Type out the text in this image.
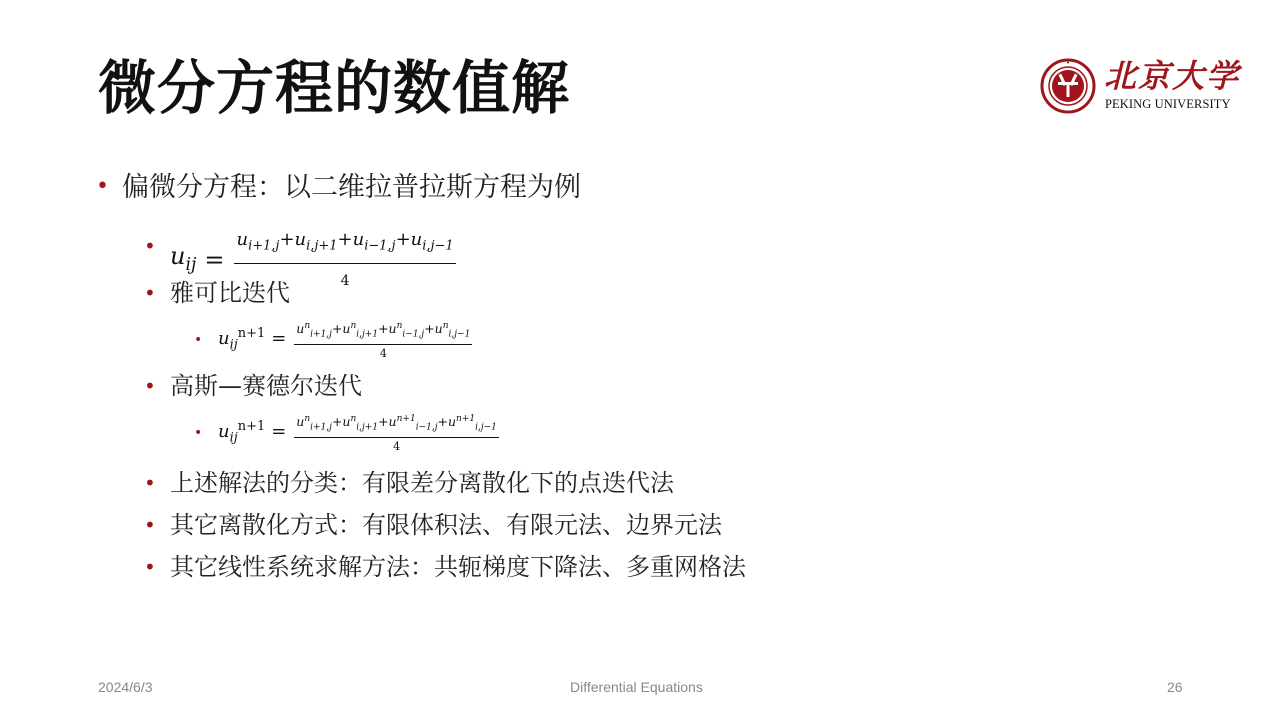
微分方程的数值解	北京大学
PEKING UNIVERSITY
• 偏微分方程：以二维拉普拉斯方程为例
• $u_{ij} = \frac{u_{i+1,j}+u_{i,j+1}+u_{i-1,j}+u_{i,j-1}}{4}$
• 雅可比迭代
• $u_{ij}^{n+1} = \frac{u^n_{i+1,j}+u^n_{i,j+1}+u^n_{i-1,j}+u^n_{i,j-1}}{4}$
• 高斯—赛德尔迭代
• $u_{ij}^{n+1} = \frac{u^n_{i+1,j}+u^n_{i,j+1}+u^{n+1}_{i-1,j}+u^{n+1}_{i,j-1}}{4}$
• 上述解法的分类：有限差分离散化下的点迭代法
• 其它离散化方式：有限体积法、有限元法、边界元法
• 其它线性系统求解方法：共轭梯度下降法、多重网格法
2024/6/3	Differential Equations	26
